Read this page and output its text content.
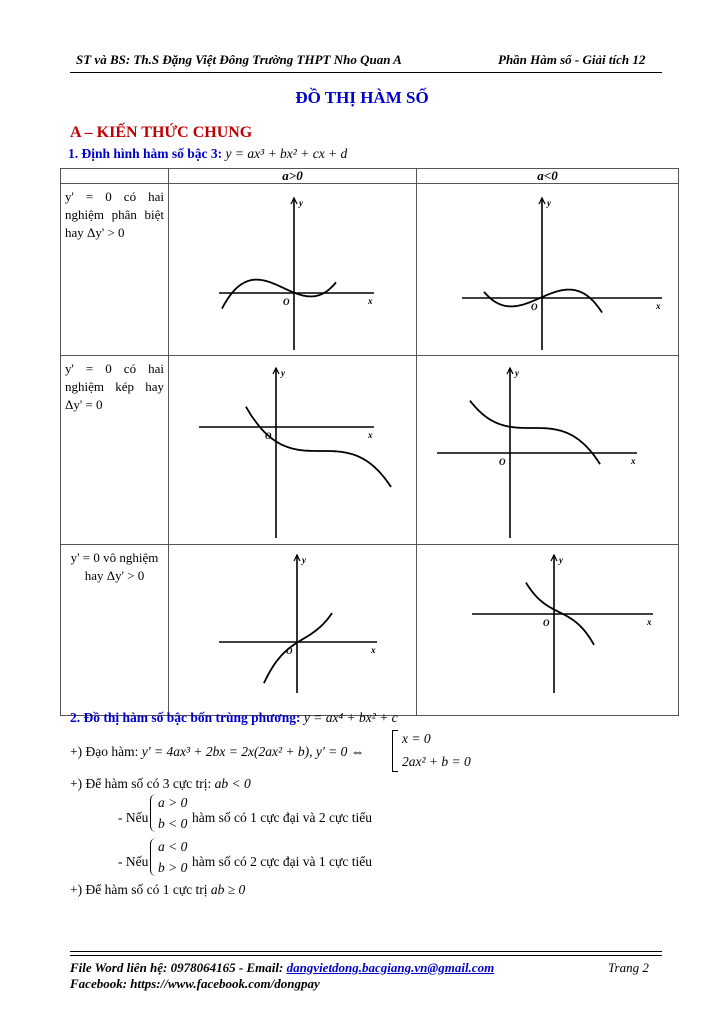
ST và BS: Th.S Đặng Việt Đông Trường THPT Nho Quan A	Phần Hàm số - Giải tích 12
ĐỒ THỊ HÀM SỐ
A – KIẾN THỨC CHUNG
1. Định hình hàm số bậc 3: y = ax³ + bx² + cx + d
	a>0	a<0

y' = 0 có hai nghiệm phân biệt hay Δy' > 0	y
x
O	y
x
O

y' = 0 có hai nghiệm kép hay Δy' = 0	y
x
O	y
x
O

y' = 0 vô nghiệm hay Δy' > 0	y
x
O	y
x
O
2. Đồ thị hàm số bậc bốn trùng phương: y = ax⁴ + bx² + c
+) Đạo hàm: y' = 4ax³ + 2bx = 2x(2ax² + b), y' = 0 ⇔
x = 0
2ax² + b = 0
+) Để hàm số có 3 cực trị: ab < 0
- Nếu
a > 0
b < 0 hàm số có 1 cực đại và 2 cực tiểu
- Nếu
a < 0
b > 0 hàm số có 2 cực đại và 1 cực tiểu
+) Để hàm số có 1 cực trị ab ≥ 0
File Word liên hệ: 0978064165 - Email: dangvietdong.bacgiang.vn@gmail.com	Trang 2
Facebook: https://www.facebook.com/dongpay
